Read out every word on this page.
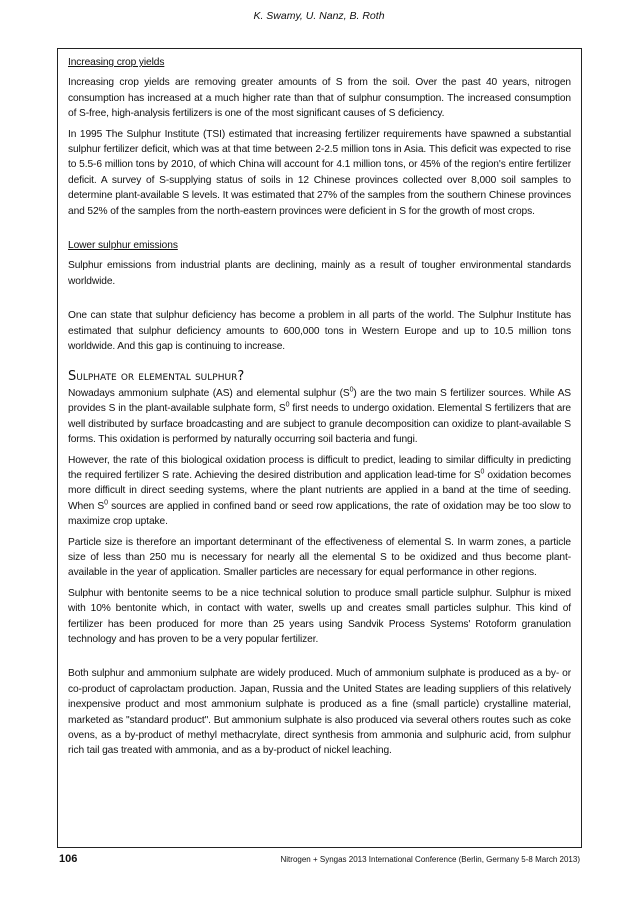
K. Swamy, U. Nanz, B. Roth

Increasing crop yields

Increasing crop yields are removing greater amounts of S from the soil. Over the past 40 years, nitrogen consumption has increased at a much higher rate than that of sulphur consumption. The increased consumption of S-free, high-analysis fertilizers is one of the most significant causes of S deficiency.

In 1995 The Sulphur Institute (TSI) estimated that increasing fertilizer requirements have spawned a substantial sulphur fertilizer deficit, which was at that time between 2-2.5 million tons in Asia. This deficit was expected to rise to 5.5-6 million tons by 2010, of which China will account for 4.1 million tons, or 45% of the region's entire fertilizer deficit. A survey of S-supplying status of soils in 12 Chinese provinces collected over 8,000 soil samples to determine plant-available S levels. It was estimated that 27% of the samples from the southern Chinese provinces and 52% of the samples from the north-eastern provinces were deficient in S for the growth of most crops.

Lower sulphur emissions

Sulphur emissions from industrial plants are declining, mainly as a result of tougher environmental standards worldwide.

One can state that sulphur deficiency has become a problem in all parts of the world. The Sulphur Institute has estimated that sulphur deficiency amounts to 600,000 tons in Western Europe and up to 10.5 million tons worldwide. And this gap is continuing to increase.

Sulphate or elemental sulphur?

Nowadays ammonium sulphate (AS) and elemental sulphur $(S^0)$ are the two main S fertilizer sources. While AS provides S in the plant-available sulphate form, $S^0$ first needs to undergo oxidation. Elemental S fertilizers that are well distributed by surface broadcasting and are subject to granule decomposition can oxidize to plant-available S forms. This oxidation is performed by naturally occurring soil bacteria and fungi.

However, the rate of this biological oxidation process is difficult to predict, leading to similar difficulty in predicting the required fertilizer S rate. Achieving the desired distribution and application lead-time for $S^0$ oxidation becomes more difficult in direct seeding systems, where the plant nutrients are applied in a band at the time of seeding. When $S^0$ sources are applied in confined band or seed row applications, the rate of oxidation may be too slow to maximize crop uptake.

Particle size is therefore an important determinant of the effectiveness of elemental S. In warm zones, a particle size of less than 250 mu is necessary for nearly all the elemental S to be oxidized and thus become plant-available in the year of application. Smaller particles are necessary for equal performance in other regions.

Sulphur with bentonite seems to be a nice technical solution to produce small particle sulphur. Sulphur is mixed with 10% bentonite which, in contact with water, swells up and creates small particles sulphur. This kind of fertilizer has been produced for more than 25 years using Sandvik Process Systems' Rotoform granulation technology and has proven to be a very popular fertilizer.

Both sulphur and ammonium sulphate are widely produced. Much of ammonium sulphate is produced as a by- or co-product of caprolactam production. Japan, Russia and the United States are leading suppliers of this relatively inexpensive product and most ammonium sulphate is produced as a fine (small particle) crystalline material, marketed as "standard product". But ammonium sulphate is also produced via several others routes such as coke ovens, as a by-product of methyl methacrylate, direct synthesis from ammonia and sulphuric acid, from sulphur rich tail gas treated with ammonia, and as a by-product of nickel leaching.

106	Nitrogen + Syngas 2013 International Conference (Berlin, Germany 5-8 March 2013)
